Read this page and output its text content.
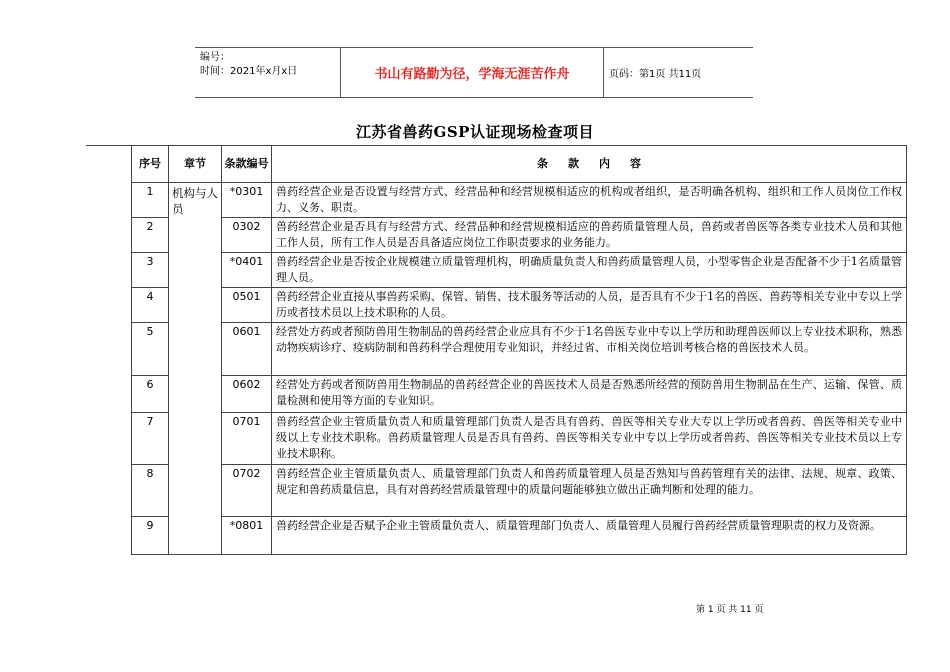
编号：
时间：2021年x月x日	书山有路勤为径，学海无涯苦作舟	页码：第1页 共11页
江苏省兽药GSP认证现场检查项目
序号	章节	条款编号	条 款 内 容
1	机构与人员	*0301	兽药经营企业是否设置与经营方式、经营品种和经营规模相适应的机构或者组织，是否明确各机构、组织和工作人员岗位工作权力、义务、职责。
2		0302	兽药经营企业是否具有与经营方式、经营品种和经营规模相适应的兽药质量管理人员，兽药或者兽医等各类专业技术人员和其他工作人员，所有工作人员是否具备适应岗位工作职责要求的业务能力。
3		*0401	兽药经营企业是否按企业规模建立质量管理机构，明确质量负责人和兽药质量管理人员，小型零售企业是否配备不少于1名质量管理人员。
4		0501	兽药经营企业直接从事兽药采购、保管、销售、技术服务等活动的人员，是否具有不少于1名的兽医、兽药等相关专业中专以上学历或者技术员以上技术职称的人员。
5		0601	经营处方药或者预防兽用生物制品的兽药经营企业应具有不少于1名兽医专业中专以上学历和助理兽医师以上专业技术职称，熟悉动物疾病诊疗、疫病防制和兽药科学合理使用专业知识，并经过省、市相关岗位培训考核合格的兽医技术人员。
6		0602	经营处方药或者预防兽用生物制品的兽药经营企业的兽医技术人员是否熟悉所经营的预防兽用生物制品在生产、运输、保管、质量检测和使用等方面的专业知识。
7		0701	兽药经营企业主管质量负责人和质量管理部门负责人是否具有兽药、兽医等相关专业大专以上学历或者兽药、兽医等相关专业中级以上专业技术职称。兽药质量管理人员是否具有兽药、兽医等相关专业中专以上学历或者兽药、兽医等相关专业技术员以上专业技术职称。
8		0702	兽药经营企业主管质量负责人、质量管理部门负责人和兽药质量管理人员是否熟知与兽药管理有关的法律、法规、规章、政策、规定和兽药质量信息，具有对兽药经营质量管理中的质量问题能够独立做出正确判断和处理的能力。
9		*0801	兽药经营企业是否赋予企业主管质量负责人、质量管理部门负责人、质量管理人员履行兽药经营质量管理职责的权力及资源。
第 1 页 共 11 页
